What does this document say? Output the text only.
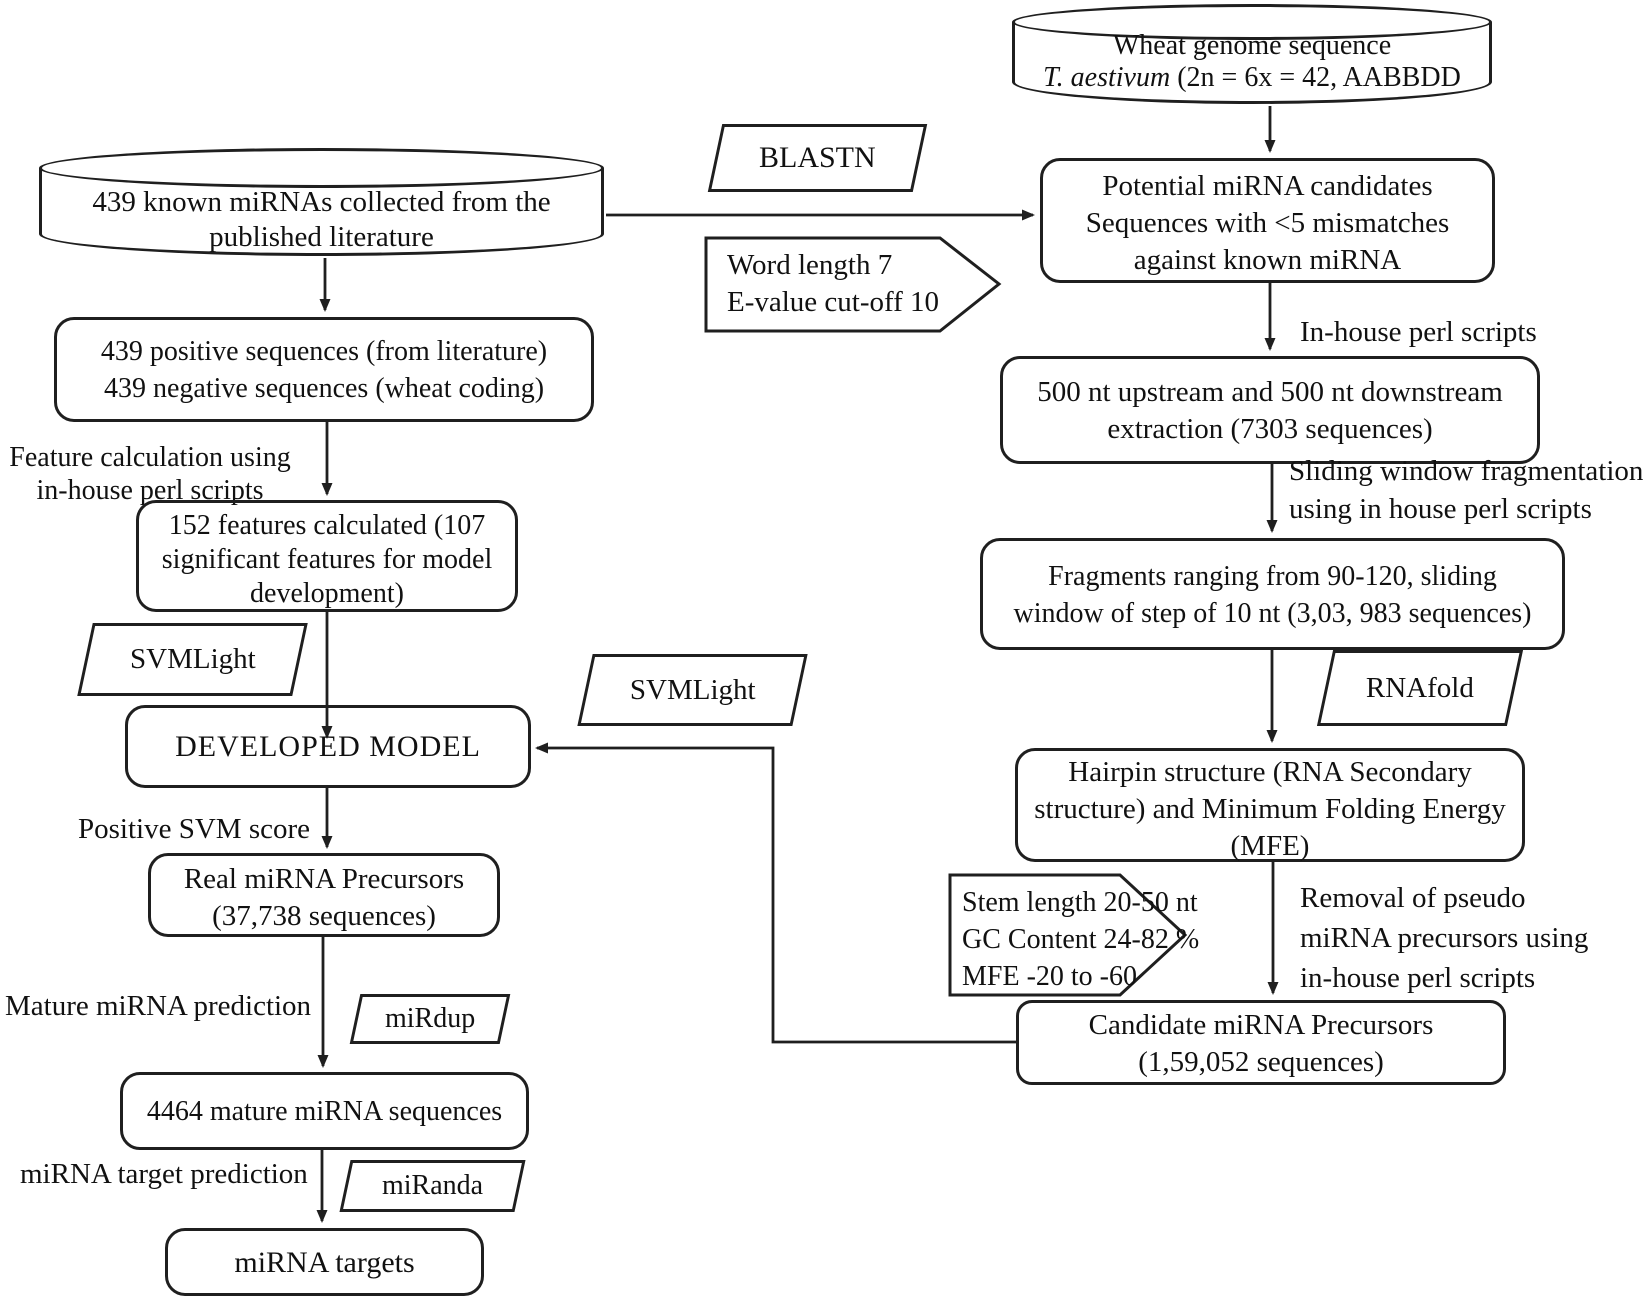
439 known miRNAs collected from the
published literature
439 positive sequences (from literature)
439 negative sequences (wheat coding)
Feature calculation using
in-house perl scripts
152 features calculated (107
significant features for model
development)
SVMLight
DEVELOPED MODEL
Positive SVM score
Real miRNA Precursors
(37,738 sequences)
Mature miRNA prediction	miRdup
4464 mature miRNA sequences
miRNA target prediction	miRanda
miRNA targets
BLASTN
Word length 7
E-value cut-off 10
SVMLight
Wheat genome sequence
T. aestivum (2n = 6x = 42, AABBDD
Potential miRNA candidates
Sequences with <5 mismatches
against known miRNA
In-house perl scripts
500 nt upstream and 500 nt downstream
extraction (7303 sequences)
Sliding window fragmentation
using in house perl scripts
Fragments ranging from 90-120, sliding
window of step of 10 nt (3,03, 983 sequences)
RNAfold
Hairpin structure (RNA Secondary
structure) and Minimum Folding Energy
(MFE)
Stem length 20-50 nt
GC Content 24-82 %
MFE -20 to -60
Removal of pseudo
miRNA precursors using
in-house perl scripts
Candidate miRNA Precursors
(1,59,052 sequences)
